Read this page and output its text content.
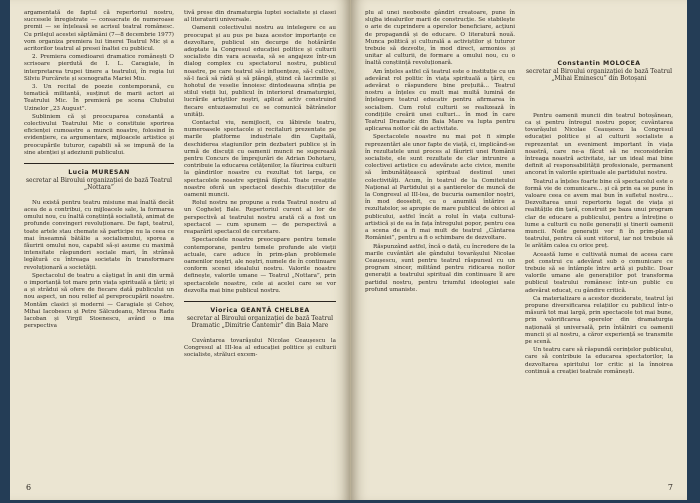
argamentată de faptul că repertoriul nostru, succesele înregistrate — consacrate de numeroase premii — se înțeleasă se acrisul teatral românesc. Cu prilejul acestei săptămâni (7—8 decembrie 1977) vom organiza premiera lui tinerei Teatrul Mic și a acritorilor teatrul al presei înaltei cu publicul.

2. Premiera comedioarei dramatice românești O scrisoare pierdută de I. L. Caragiale, în interpretarea trupei tinere a teatrului, în regia lui Silviu Purcărete și scenografia Mariei Miu.

3. Un recital de poezie contemporană, cu tematică militantă, susținut de marii actori ai Teatrului Mic. În premieră pe scena Clubului Uzinelor „23 August”.

Subliniem că și preocuparea constantă a colectivului Teatrului Mic o constituie sporirea eficienței cumoastre a muncii noastre, folosind în evidențiere, ca argumentare, mijloacele artistice și preocupările tuturor, capabili să se impună de la sine atenției și adeziunii publicului.

Lucia MURESAN
secretar al Biroului organizației de bază Teatrul „Nottara”

Nu există pentru teatru misiune mai înaltă decât acea de a contribui, cu mijloacele sale, la formarea omului nou, cu înaltă conștiință socialistă, animat de profunde convingeri revoluționare. De fapt, teatrul, toate artele stau chemate să participe nu la ceea ce mai înseamnă bătălie a socialismului, sporea a făuririi omului nou, capabil să-și asume cu maximă intensitate răspunderi sociale mari, în strânsă legătură cu întreaga societate în transformare revoluționară a societății.

Spectacolul de teatru a câștigat în anii din urmă o importanță tot mare prin viața spirituală a țării; și a și strădui să ofere de fiecare dată publicului un nou aspect, un nou relief al pereprocupării noastre. Montăm clasici și moderni — Caragiale și Cehov, Mihai Iacobescu și Petre Sălcudeanu, Mircea Radu Iacoban și Virgil Stoenescu, având o ima perspectiva

tivă prese din dramaturgia luptei socialiste și clasei al literaturii universale.

Oamenii colectivului nostru au intelegere ce au preocupat și au pus pe baza acestor importanțe ce dezvoltare, publicul sin decurge de hotărârile adoptate la Congresul educației politice și culturii socialiste din vara aceasta, să se angajeze într-un dialog complex cu spectatorul nostru, publicul noastre, pe care teatrul să-i influențeze, să-l cultive, să-l facă să râdă și să plângă, știind că lacrimile și hohotul de veselie înnoiesc dintodeauna sfinția pe stilul vieții lui, publicul în interiorul dramaturgiei, lucrările artiștilor noștri, aplicat activ construind fiecare entuziasmului ce se comunică bătrânelor unități.

Contactul viu, nemijlocit, cu lăbirele teatru, numeroasele spectacole și recitaluri prezentate pe marile platforme industriale din Capitală, deschiderea stagiunilor prin dezbateri publice și în urmă de discuții cu oamenii muncii ne sugerează pentru Concurs de împrejurări de Adrian Dohotaru, contribuie la educarea cetățenilor, la făurirea culturii la gândirilor noastre cu rezultat tot larga, ce spectacolele noastre sprijină făptul. Toate creațiile noastre oferă un spectacol deschis discuțiilor de oamenii muncii.

Rolul nostru ne propune a reda Teatrul nostru al un Cogheleț Bale. Repertoriul curent al lor de perspectivă al teatrului nostru arată că a fost un spectacol — cum spunem — de perspectivă a reaparării spectacol de cercetare.

Spectacolele noastre preocupare pentru temele contemporane, pentru temele profunde ale vieții actuale, care aduce în prim-plan problemele oamenilor noștri, ale noștri, numele de în continuare conform scenei idealului nostru. Valorile noastre definește, valorile umane — Teatrul „Nottara”, prin spectacolele noastre, cele ai acelei care se vor dezvolta mai bine publicul nostru.

Viorica GEANTĂ CHELBEA
secretar al Biroului organizației de bază Teatrul Dramatic „Dimitrie Cantemir” din Baia Mare

Cuvântarea tovarășului Nicolae Ceaușescu la Congresul al III-lea al educației politice și culturii socialiste, străluci excem-

6

plu al unei neobosite gândiri creatoare, pune în slujba idealurilor marii de construcție. Se stabilește o arie de cuprindere a operelor beneficiare, acțiuni de propagandă și de educare. O literatură nouă. Munca politică și culturală a activiștilor și tuturor trebuie să dezvolte, în mod direct, armonios și unitar al culturii, de formare a omului nou, cu o înaltă conștiință revoluționară.

Am înțeles astfel că teatrul este o instituție cu un adevărat rol politic în viața spirituală a țării, cu adevărat o răspundere bine prețuită... Teatrul nostru a înțeles cu mult mai multă lumină de înțelegere teatrul educativ pentru afirmarea în socialism. Cum rolul culturii se realizează în condițiile creării unei culturi... în mod în care Teatrul Dramatic din Baia Mare va lupta pentru aplicarea noilor căi de activitate.

Spectacolele noastre nu mai pot fi simple reprezentări ale unor fapte de viață, ci, implicând-se în rezultatele unui proces al făuririi unei Românii socialiste, ele sunt rezultate de clar intrunire a colectivei artistice cu adevărate acte civice, menite să îmbunătățească spiritual destinul unei colectivități. Acum, în teatrul de la Comitetului Național al Partidului și a șantierelor de muncă de la Congresul al III-lea, de bucuria oamenilor noștri, în mod deosebit, cu o anumită întărire a rezultatelor, se apropie de mare publicul de obicei al publicului, astfel încât a rolul în viața cultural-artistică și de ea în fața întregului popor, pentru cea a scena de a fi mai mult de teatrul „Cântarea României”, pentru a fi o schimbare de dezvoltare.

Răspunzând astfel, încă o dată, cu încredere de la marile cuvântări ale gândului tovarășului Nicolae Ceaușescu, sunt pentru teatrul răspunsul cu un program sincer, militând pentru ridicarea noilor generații a teatrului spiritual din continuare îl are partidul nostru, pentru triumful ideologiei sale profund umaniste.

Constantin MOLOCEA
secretar al Biroului organizației de bază Teatrul „Mihai Eminescu” din Botoșani

Pentru oamenii muncii din teatrul botoșănean, ca și pentru întregul nostru popor, cuvântarea tovarășului Nicolae Ceaușescu la Congresul educației politice și al culturii socialiste a reprezentat un eveniment important în viața noastră, care ne-a făcut să ne reconsiderăm întreaga noastră activitate, iar un ideal mai bine definit al responsabilității profesionale, permanent ancorat în valorile spirituale ale partidului nostru.

Teatrul a înțeles foarte bine că spectacolul este o formă vie de comunicare... și că prin ea se pune în valoare ceea ce avem mai bun în sufletul nostru... Dezvoltarea unui repertoriu legat de viața și realitățile din țară, construit pe baza unui program clar de educare a publicului, pentru a întreține o lume a culturii cu noile generații și tinerii oamenii muncii. Noile generații vor fi în prim-planul teatrului, pentru că sunt viitorul, iar noi trebuie să le arătăm calea cu orice preț.

Această lume e cultivată numai de aceea care pot construi cu adevărat sub o comunicare ce trebuie să se întâmple între artă și public. Doar valorile umane ale generațiilor pot transforma publicul teatrului românesc într-un public cu adevărat educat, cu gândire critică.

Ca materializare a acestor deziderate, teatrul își propune diversificarea relațiilor cu publicul într-o măsură tot mai largă, prin spectacole tot mai bune, prin valorificarea operelor din dramaturgia națională și universală, prin întâlniri cu oamenii muncii și al nostru, a căror experiență se transmite pe scenă.

Un teatru care să răspundă cerințelor publicului, care să contribuie la educarea spectatorilor, la dezvoltarea spiritului lor critic și la înnoirea continuă a creației teatrale românești.

7
